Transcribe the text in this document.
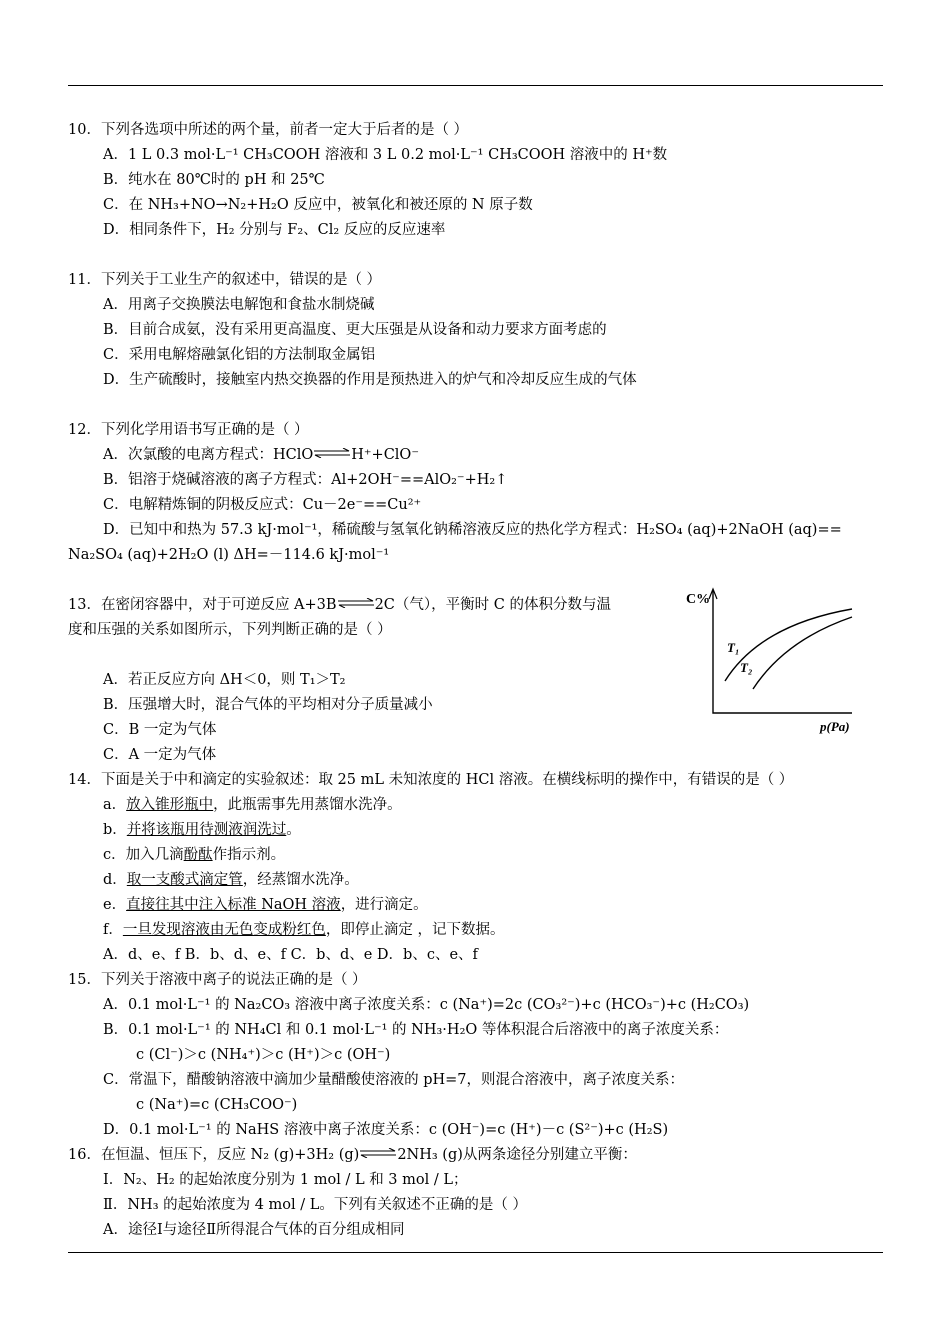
10．下列各选项中所述的两个量，前者一定大于后者的是（ ）
A．1 L 0.3 mol·L⁻¹ CH₃COOH 溶液和 3 L 0.2 mol·L⁻¹ CH₃COOH 溶液中的 H⁺数
B．纯水在 80℃时的 pH 和 25℃
C．在 NH₃+NO→N₂+H₂O 反应中，被氧化和被还原的 N 原子数
D．相同条件下，H₂ 分别与 F₂、Cl₂ 反应的反应速率
11．下列关于工业生产的叙述中，错误的是（ ）
A．用离子交换膜法电解饱和食盐水制烧碱
B．目前合成氨，没有采用更高温度、更大压强是从设备和动力要求方面考虑的
C．采用电解熔融氯化铝的方法制取金属铝
D．生产硫酸时，接触室内热交换器的作用是预热进入的炉气和冷却反应生成的气体
12．下列化学用语书写正确的是（ ）
A．次氯酸的电离方程式：HClO⇌H⁺+ClO⁻
B．铝溶于烧碱溶液的离子方程式：Al+2OH⁻==AlO₂⁻+H₂↑
C．电解精炼铜的阴极反应式：Cu－2e⁻==Cu²⁺
D．已知中和热为 57.3 kJ·mol⁻¹，稀硫酸与氢氧化钠稀溶液反应的热化学方程式：H₂SO₄ (aq)+2NaOH (aq)==
Na₂SO₄ (aq)+2H₂O (l) ΔH=－114.6 kJ·mol⁻¹
13．在密闭容器中，对于可逆反应 A+3B⇌2C（气），平衡时 C 的体积分数与温
度和压强的关系如图所示，下列判断正确的是（ ）
A．若正反应方向 ΔH＜0，则 T₁＞T₂
B．压强增大时，混合气体的平均相对分子质量减小
C．B 一定为气体
C．A 一定为气体
14．下面是关于中和滴定的实验叙述：取 25 mL 未知浓度的 HCl 溶液。在横线标明的操作中，有错误的是（ ）
a．放入锥形瓶中，此瓶需事先用蒸馏水洗净。
b．并将该瓶用待测液润洗过。
c．加入几滴酚酞作指示剂。
d．取一支酸式滴定管，经蒸馏水洗净。
e．直接往其中注入标准 NaOH 溶液，进行滴定。
f．一旦发现溶液由无色变成粉红色，即停止滴定 ，记下数据。
A．d、e、f B．b、d、e、f C．b、d、e D．b、c、e、f
15．下列关于溶液中离子的说法正确的是（ ）
A．0.1 mol·L⁻¹ 的 Na₂CO₃ 溶液中离子浓度关系：c (Na⁺)=2c (CO₃²⁻)+c (HCO₃⁻)+c (H₂CO₃)
B．0.1 mol·L⁻¹ 的 NH₄Cl 和 0.1 mol·L⁻¹ 的 NH₃·H₂O 等体积混合后溶液中的离子浓度关系：
c (Cl⁻)＞c (NH₄⁺)＞c (H⁺)＞c (OH⁻)
C．常温下，醋酸钠溶液中滴加少量醋酸使溶液的 pH=7，则混合溶液中，离子浓度关系：
c (Na⁺)=c (CH₃COO⁻)
D．0.1 mol·L⁻¹ 的 NaHS 溶液中离子浓度关系：c (OH⁻)=c (H⁺)－c (S²⁻)+c (H₂S)
16．在恒温、恒压下，反应 N₂ (g)+3H₂ (g)⇌2NH₃ (g)从两条途径分别建立平衡：
Ⅰ．N₂、H₂ 的起始浓度分别为 1 mol / L 和 3 mol / L；
Ⅱ．NH₃ 的起始浓度为 4 mol / L。下列有关叙述不正确的是（ ）
A．途径Ⅰ与途径Ⅱ所得混合气体的百分组成相同
C%
T₁
T₂
p(Pa)
